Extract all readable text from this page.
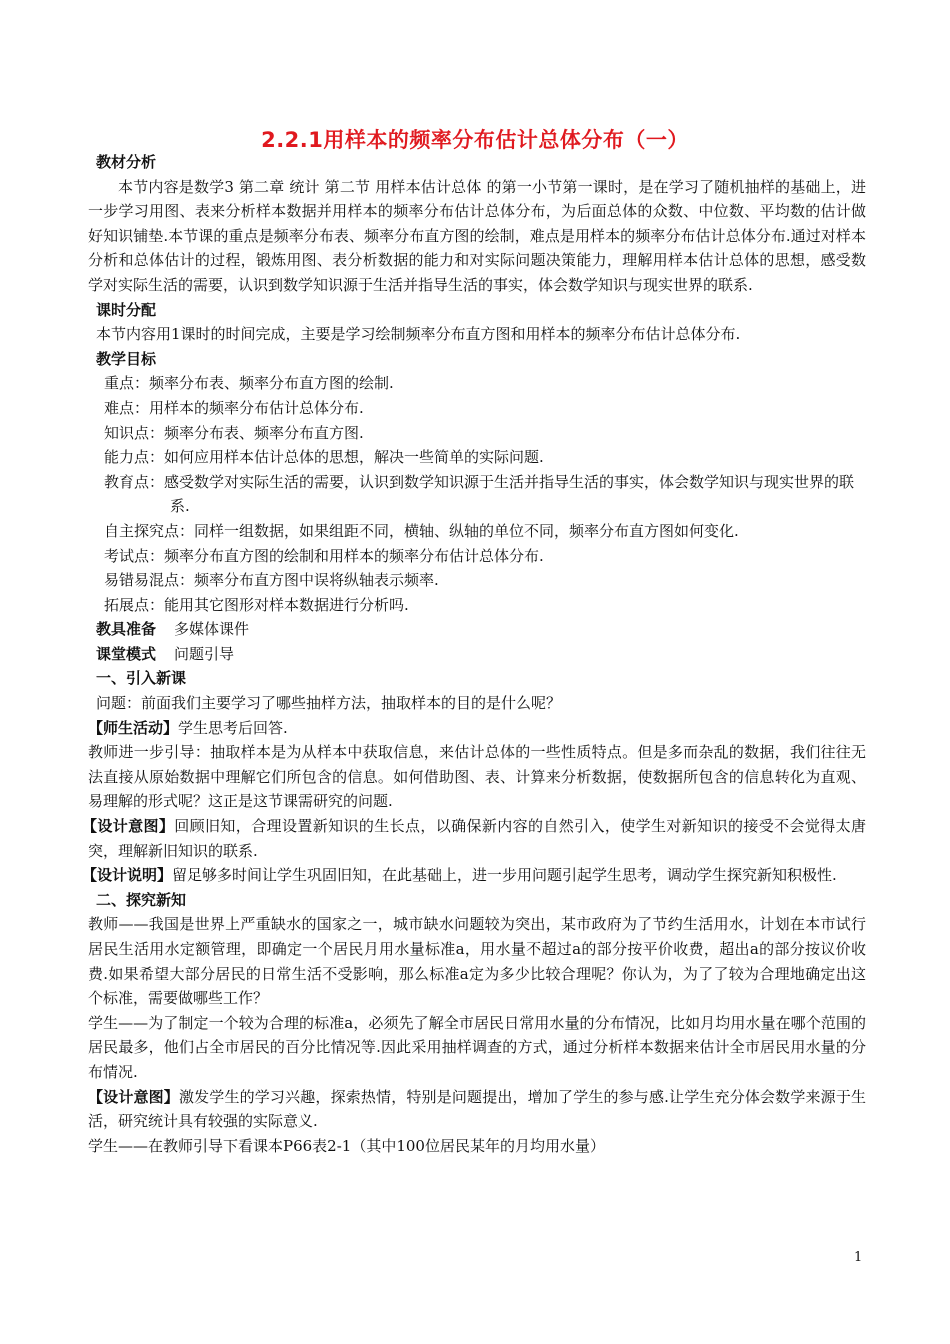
2.2.1用样本的频率分布估计总体分布（一）

教材分析

本节内容是数学3 第二章 统计 第二节 用样本估计总体 的第一小节第一课时，是在学习了随机抽样的基础上，进一步学习用图、表来分析样本数据并用样本的频率分布估计总体分布，为后面总体的众数、中位数、平均数的估计做好知识铺垫.本节课的重点是频率分布表、频率分布直方图的绘制，难点是用样本的频率分布估计总体分布.通过对样本分析和总体估计的过程，锻炼用图、表分析数据的能力和对实际问题决策能力，理解用样本估计总体的思想，感受数学对实际生活的需要，认识到数学知识源于生活并指导生活的事实，体会数学知识与现实世界的联系.

课时分配

本节内容用1课时的时间完成，主要是学习绘制频率分布直方图和用样本的频率分布估计总体分布.

教学目标

重点：频率分布表、频率分布直方图的绘制.

难点：用样本的频率分布估计总体分布.

知识点：频率分布表、频率分布直方图.

能力点：如何应用样本估计总体的思想，解决一些简单的实际问题.

教育点：感受数学对实际生活的需要，认识到数学知识源于生活并指导生活的事实，体会数学知识与现实世界的联系.

自主探究点：同样一组数据，如果组距不同，横轴、纵轴的单位不同，频率分布直方图如何变化.

考试点：频率分布直方图的绘制和用样本的频率分布估计总体分布.

易错易混点：频率分布直方图中误将纵轴表示频率.

拓展点：能用其它图形对样本数据进行分析吗.

教具准备 多媒体课件

课堂模式 问题引导

一、引入新课

问题：前面我们主要学习了哪些抽样方法，抽取样本的目的是什么呢？

【师生活动】学生思考后回答.

教师进一步引导：抽取样本是为从样本中获取信息，来估计总体的一些性质特点。但是多而杂乱的数据，我们往往无法直接从原始数据中理解它们所包含的信息。如何借助图、表、计算来分析数据，使数据所包含的信息转化为直观、易理解的形式呢？这正是这节课需研究的问题.

【设计意图】回顾旧知，合理设置新知识的生长点，以确保新内容的自然引入，使学生对新知识的接受不会觉得太唐突，理解新旧知识的联系.

【设计说明】留足够多时间让学生巩固旧知，在此基础上，进一步用问题引起学生思考，调动学生探究新知积极性.

二、探究新知

教师——我国是世界上严重缺水的国家之一，城市缺水问题较为突出，某市政府为了节约生活用水，计划在本市试行居民生活用水定额管理，即确定一个居民月用水量标准a，用水量不超过a的部分按平价收费，超出a的部分按议价收费.如果希望大部分居民的日常生活不受影响，那么标准a定为多少比较合理呢？你认为，为了了较为合理地确定出这个标准，需要做哪些工作？

学生——为了制定一个较为合理的标准a，必须先了解全市居民日常用水量的分布情况，比如月均用水量在哪个范围的居民最多，他们占全市居民的百分比情况等.因此采用抽样调查的方式，通过分析样本数据来估计全市居民用水量的分布情况.

【设计意图】激发学生的学习兴趣，探索热情，特别是问题提出，增加了学生的参与感.让学生充分体会数学来源于生活，研究统计具有较强的实际意义.

学生——在教师引导下看课本P66表2-1（其中100位居民某年的月均用水量）

1
